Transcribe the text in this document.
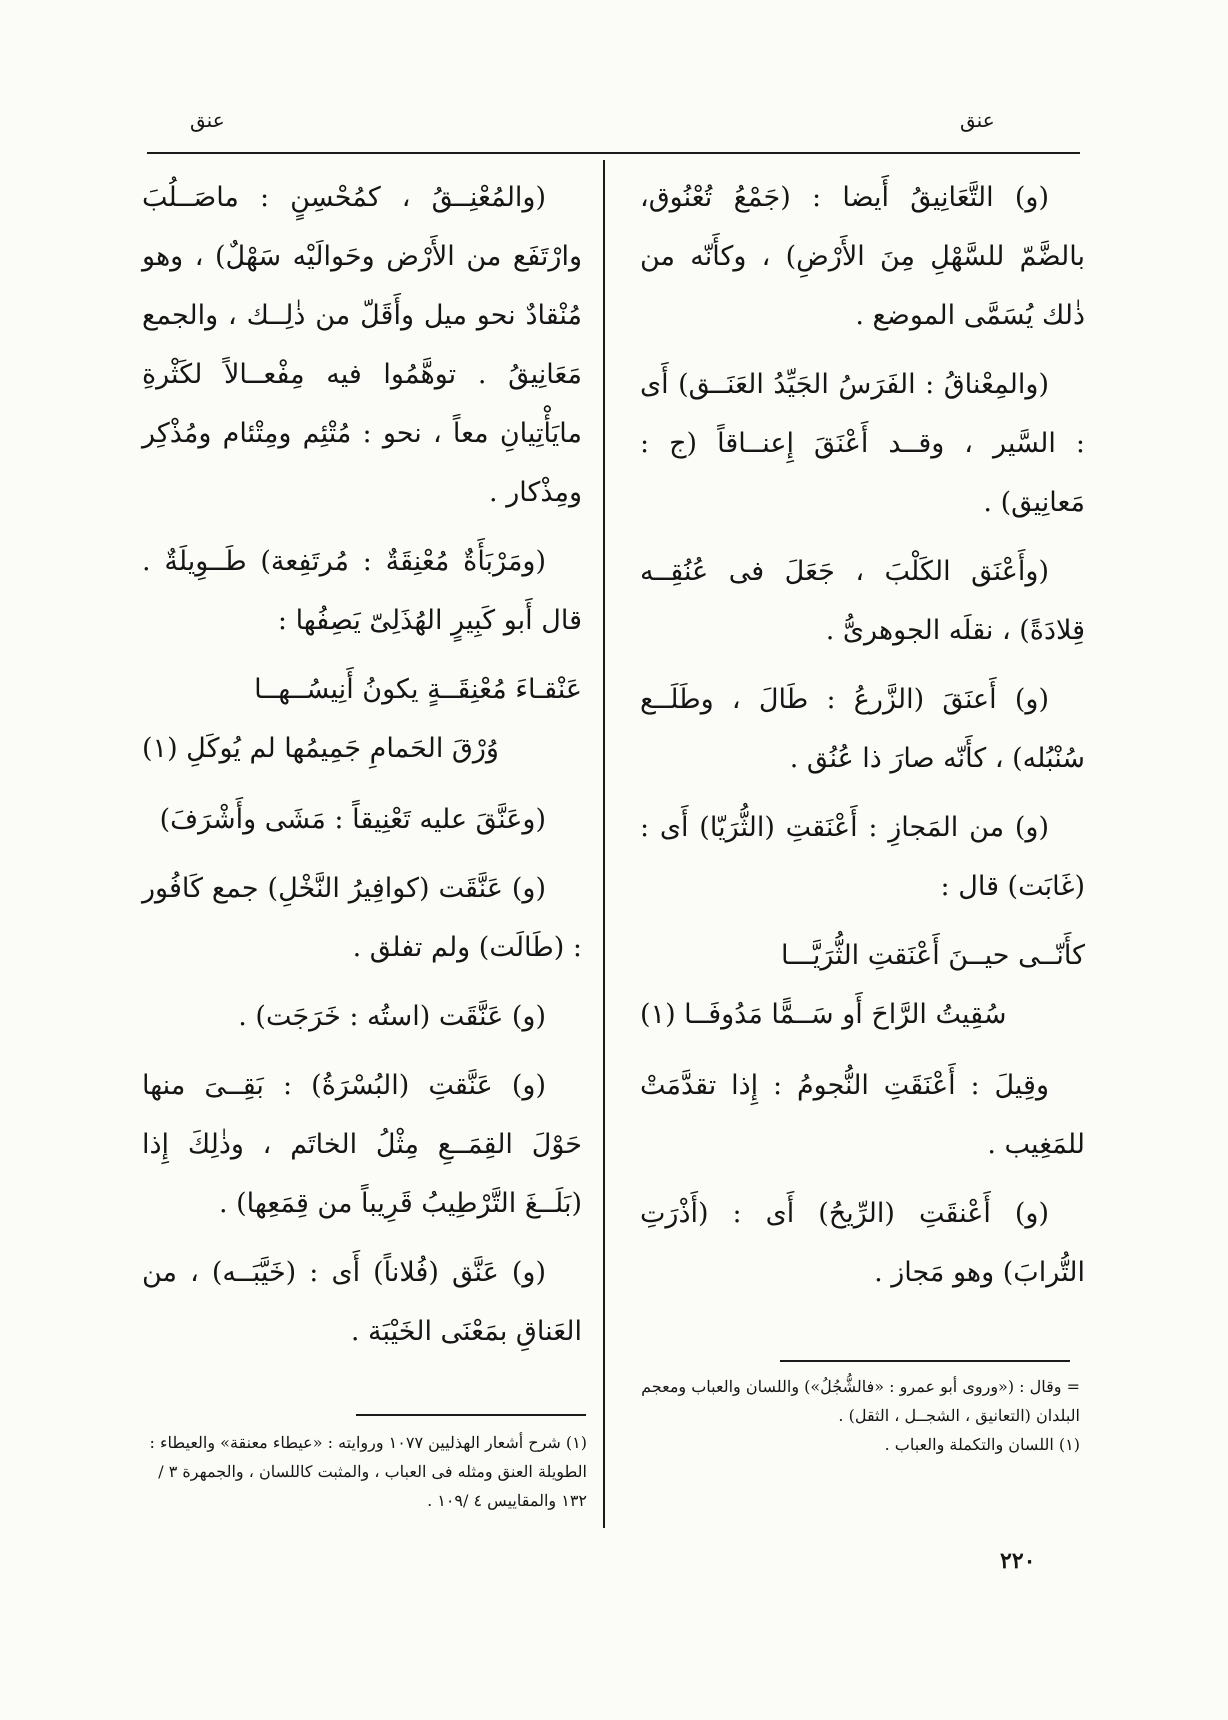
عنق	عنق

(و) التَّعَانِيقُ أَيضا : (جَمْعُ تُعْنُوق، بالضَّمّ للسَّهْلِ مِنَ الأَرْضِ) ، وكأَنّه من ذٰلك يُسَمَّى الموضع .

(والمِعْناقُ : الفَرَسُ الجَيِّدُ العَنَــق) أَى : السَّير ، وقــد أَعْنَقَ إِعنــاقاً (ج : مَعانِيق) .

(وأَعْنَق الكَلْبَ ، جَعَلَ فى عُنُقِــه قِلادَةً) ، نقلَه الجوهرىُّ .

(و) أَعنَقَ (الزَّرعُ : طَالَ ، وطَلَــع سُنْبُله) ، كأَنّه صارَ ذا عُنُق .

(و) من المَجازِ : أَعْنَقتِ (الثُّرَيّا) أَى : (غَابَت) قال :

كأَنّــى حيــنَ أَعْنَقتِ الثُّرَيَّـــا
سُقِيتُ الرَّاحَ أَو سَــمًّا مَدُوفَــا (١)

وقِيلَ : أَعْنَقَتِ النُّجومُ : إِذا تقدَّمَتْ للمَغِيب .

(و) أَعْنقَتِ (الرِّيحُ) أَى : (أَذْرَتِ التُّرابَ) وهو مَجاز .

(والمُعْنِــقُ ، كمُحْسِنٍ : ماصَــلُبَ وارْتَفَع من الأَرْض وحَوالَيْه سَهْلٌ) ، وهو مُنْقادٌ نحو ميل وأَقَلّ من ذٰلِــك ، والجمع مَعَانِيقُ . توهَّمُوا فيه مِفْعــالاً لكَثْرةِ مايَأْتِيانِ معاً ، نحو : مُتْئِم ومِتْئام ومُذْكِر ومِذْكار .

(ومَرْبَأَةٌ مُعْنِقَةٌ : مُرتَفِعة) طَــوِيلَةٌ . قال أَبو كَبِيرٍ الهُذَلِىّ يَصِفُها :

عَنْقـاءَ مُعْنِقَــةٍ يكونُ أَنِيسُــهــا
وُرْقَ الحَمامِ جَمِيمُها لم يُوكَلِ (١)

(وعَنَّقَ عليه تَعْنِيقاً : مَشَى وأَشْرَفَ)

(و) عَنَّقَت (كوافِيرُ النَّخْلِ) جمع كَافُور : (طَالَت) ولم تفلق .

(و) عَنَّقَت (استُه : خَرَجَت) .

(و) عَنَّقتِ (البُسْرَةُ) : بَقِــىَ منها حَوْلَ القِمَــعِ مِثْلُ الخاتَم ، وذٰلِكَ إِذا (بَلَــغَ التَّرْطِيبُ قَرِيباً من قِمَعِها) .

(و) عَنَّق (فُلاناً) أَى : (خَيَّبَــه) ، من العَناقِ بمَعْنَى الخَيْبَة .

= وقال : («وروى أبو عمرو : «فالشُّجُلُ») واللسان والعباب ومعجم البلدان (التعانيق ، الشجــل ، الثقل) .

(١) اللسان والتكملة والعباب .

(١) شرح أشعار الهذليين ١٠٧٧ وروايته : «عيطاء معنقة» والعيطاء : الطويلة العنق ومثله فى العباب ، والمثبت كاللسان ، والجمهرة ٣ /١٣٢ والمقاييس ٤ /١٠٩ .

٢٢٠
